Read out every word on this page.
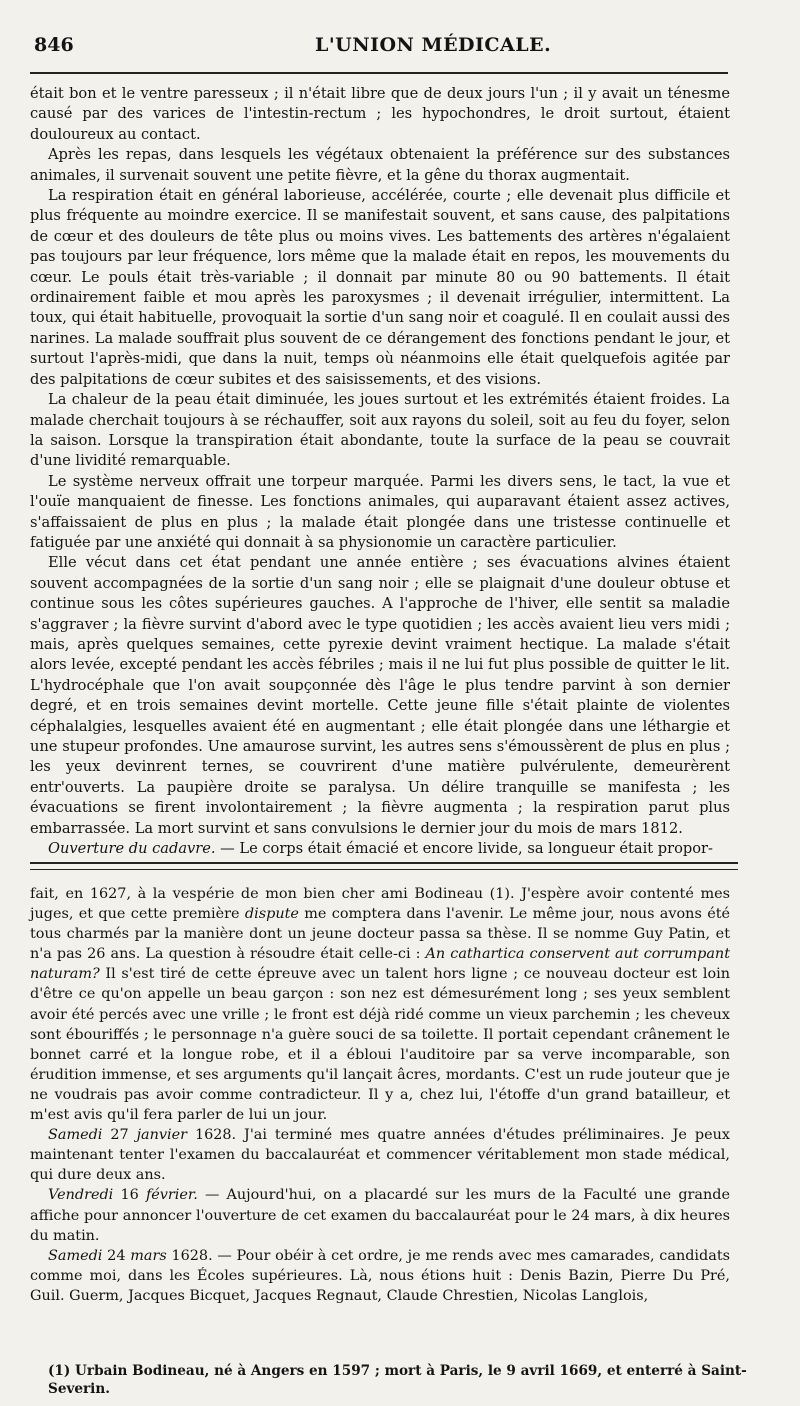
846	L'UNION MÉDICALE.

était bon et le ventre paresseux ; il n'était libre que de deux jours l'un ; il y avait un ténesme causé par des varices de l'intestin-rectum ; les hypochondres, le droit surtout, étaient douloureux au contact.

Après les repas, dans lesquels les végétaux obtenaient la préférence sur des substances animales, il survenait souvent une petite fièvre, et la gêne du thorax augmentait.

La respiration était en général laborieuse, accélérée, courte ; elle devenait plus difficile et plus fréquente au moindre exercice. Il se manifestait souvent, et sans cause, des palpitations de cœur et des douleurs de tête plus ou moins vives. Les battements des artères n'égalaient pas toujours par leur fréquence, lors même que la malade était en repos, les mouvements du cœur. Le pouls était très-variable ; il donnait par minute 80 ou 90 battements. Il était ordinairement faible et mou après les paroxysmes ; il devenait irrégulier, intermittent. La toux, qui était habituelle, provoquait la sortie d'un sang noir et coagulé. Il en coulait aussi des narines. La malade souffrait plus souvent de ce dérangement des fonctions pendant le jour, et surtout l'après-midi, que dans la nuit, temps où néanmoins elle était quelquefois agitée par des palpitations de cœur subites et des saisissements, et des visions.

La chaleur de la peau était diminuée, les joues surtout et les extrémités étaient froides. La malade cherchait toujours à se réchauffer, soit aux rayons du soleil, soit au feu du foyer, selon la saison. Lorsque la transpiration était abondante, toute la surface de la peau se couvrait d'une lividité remarquable.

Le système nerveux offrait une torpeur marquée. Parmi les divers sens, le tact, la vue et l'ouïe manquaient de finesse. Les fonctions animales, qui auparavant étaient assez actives, s'affaissaient de plus en plus ; la malade était plongée dans une tristesse continuelle et fatiguée par une anxiété qui donnait à sa physionomie un caractère particulier.

Elle vécut dans cet état pendant une année entière ; ses évacuations alvines étaient souvent accompagnées de la sortie d'un sang noir ; elle se plaignait d'une douleur obtuse et continue sous les côtes supérieures gauches. A l'approche de l'hiver, elle sentit sa maladie s'aggraver ; la fièvre survint d'abord avec le type quotidien ; les accès avaient lieu vers midi ; mais, après quelques semaines, cette pyrexie devint vraiment hectique. La malade s'était alors levée, excepté pendant les accès fébriles ; mais il ne lui fut plus possible de quitter le lit. L'hydrocéphale que l'on avait soupçonnée dès l'âge le plus tendre parvint à son dernier degré, et en trois semaines devint mortelle. Cette jeune fille s'était plainte de violentes céphalalgies, lesquelles avaient été en augmentant ; elle était plongée dans une léthargie et une stupeur profondes. Une amaurose survint, les autres sens s'émoussèrent de plus en plus ; les yeux devinrent ternes, se couvrirent d'une matière pulvérulente, demeurèrent entr'ouverts. La paupière droite se paralysa. Un délire tranquille se manifesta ; les évacuations se firent involontairement ; la fièvre augmenta ; la respiration parut plus embarrassée. La mort survint et sans convulsions le dernier jour du mois de mars 1812.

Ouverture du cadavre. — Le corps était émacié et encore livide, sa longueur était propor-

fait, en 1627, à la vespérie de mon bien cher ami Bodineau (1). J'espère avoir contenté mes juges, et que cette première dispute me comptera dans l'avenir. Le même jour, nous avons été tous charmés par la manière dont un jeune docteur passa sa thèse. Il se nomme Guy Patin, et n'a pas 26 ans. La question à résoudre était celle-ci : An cathartica conservent aut corrumpant naturam? Il s'est tiré de cette épreuve avec un talent hors ligne ; ce nouveau docteur est loin d'être ce qu'on appelle un beau garçon : son nez est démesurément long ; ses yeux semblent avoir été percés avec une vrille ; le front est déjà ridé comme un vieux parchemin ; les cheveux sont ébouriffés ; le personnage n'a guère souci de sa toilette. Il portait cependant crânement le bonnet carré et la longue robe, et il a ébloui l'auditoire par sa verve incomparable, son érudition immense, et ses arguments qu'il lançait âcres, mordants. C'est un rude jouteur que je ne voudrais pas avoir comme contradicteur. Il y a, chez lui, l'étoffe d'un grand batailleur, et m'est avis qu'il fera parler de lui un jour.

Samedi 27 janvier 1628. J'ai terminé mes quatre années d'études préliminaires. Je peux maintenant tenter l'examen du baccalauréat et commencer véritablement mon stade médical, qui dure deux ans.

Vendredi 16 février. — Aujourd'hui, on a placardé sur les murs de la Faculté une grande affiche pour annoncer l'ouverture de cet examen du baccalauréat pour le 24 mars, à dix heures du matin.

Samedi 24 mars 1628. — Pour obéir à cet ordre, je me rends avec mes camarades, candidats comme moi, dans les Écoles supérieures. Là, nous étions huit : Denis Bazin, Pierre Du Pré, Guil. Guerm, Jacques Bicquet, Jacques Regnaut, Claude Chrestien, Nicolas Langlois,

(1) Urbain Bodineau, né à Angers en 1597 ; mort à Paris, le 9 avril 1669, et enterré à Saint-Severin.
